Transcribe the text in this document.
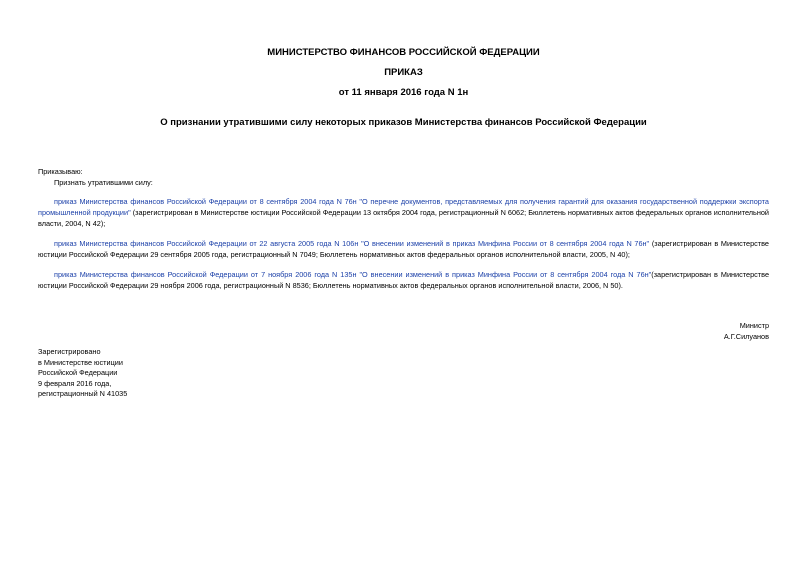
МИНИСТЕРСТВО ФИНАНСОВ РОССИЙСКОЙ ФЕДЕРАЦИИ
ПРИКАЗ
от 11 января 2016 года N 1н
О признании утратившими силу некоторых приказов Министерства финансов Российской Федерации
Приказываю:
Признать утратившими силу:
приказ Министерства финансов Российской Федерации от 8 сентября 2004 года N 76н "О перечне документов, представляемых для получения гарантий для оказания государственной поддержки экспорта промышленной продукции" (зарегистрирован в Министерстве юстиции Российской Федерации 13 октября 2004 года, регистрационный N 6062; Бюллетень нормативных актов федеральных органов исполнительной власти, 2004, N 42);
приказ Министерства финансов Российской Федерации от 22 августа 2005 года N 106н "О внесении изменений в приказ Минфина России от 8 сентября 2004 года N 76н" (зарегистрирован в Министерстве юстиции Российской Федерации 29 сентября 2005 года, регистрационный N 7049; Бюллетень нормативных актов федеральных органов исполнительной власти, 2005, N 40);
приказ Министерства финансов Российской Федерации от 7 ноября 2006 года N 135н "О внесении изменений в приказ Минфина России от 8 сентября 2004 года N 76н"(зарегистрирован в Министерстве юстиции Российской Федерации 29 ноября 2006 года, регистрационный N 8536; Бюллетень нормативных актов федеральных органов исполнительной власти, 2006, N 50).
Министр
А.Г.Силуанов
Зарегистрировано
в Министерстве юстиции
Российской Федерации
9 февраля 2016 года,
регистрационный N 41035
